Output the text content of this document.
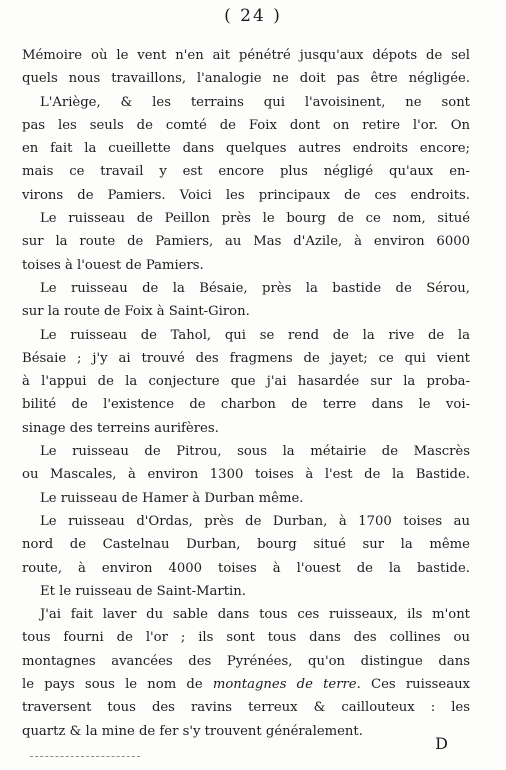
( 24 )
Mémoire où le vent n'en ait pénétré jusqu'aux dépots de sel
quels nous travaillons, l'analogie ne doit pas être négligée.
L'Ariège, & les terrains qui l'avoisinent, ne sont
pas les seuls de comté de Foix dont on retire l'or. On
en fait la cueillette dans quelques autres endroits encore;
mais ce travail y est encore plus négligé qu'aux en-
virons de Pamiers. Voici les principaux de ces endroits.
Le ruisseau de Peillon près le bourg de ce nom, situé
sur la route de Pamiers, au Mas d'Azile, à environ 6000
toises à l'ouest de Pamiers.
Le ruisseau de la Bésaie, près la bastide de Sérou,
sur la route de Foix à Saint-Giron.
Le ruisseau de Tahol, qui se rend de la rive de la
Bésaie ; j'y ai trouvé des fragmens de jayet; ce qui vient
à l'appui de la conjecture que j'ai hasardée sur la proba-
bilité de l'existence de charbon de terre dans le voi-
sinage des terreins aurifères.
Le ruisseau de Pitrou, sous la métairie de Mascrès
ou Mascales, à environ 1300 toises à l'est de la Bastide.
Le ruisseau de Hamer à Durban même.
Le ruisseau d'Ordas, près de Durban, à 1700 toises au
nord de Castelnau Durban, bourg situé sur la même
route, à environ 4000 toises à l'ouest de la bastide.
Et le ruisseau de Saint-Martin.
J'ai fait laver du sable dans tous ces ruisseaux, ils m'ont
tous fourni de l'or ; ils sont tous dans des collines ou
montagnes avancées des Pyrénées, qu'on distingue dans
le pays sous le nom de montagnes de terre. Ces ruisseaux
traversent tous des ravins terreux & caillouteux : les
quartz & la mine de fer s'y trouvent généralement.
D
